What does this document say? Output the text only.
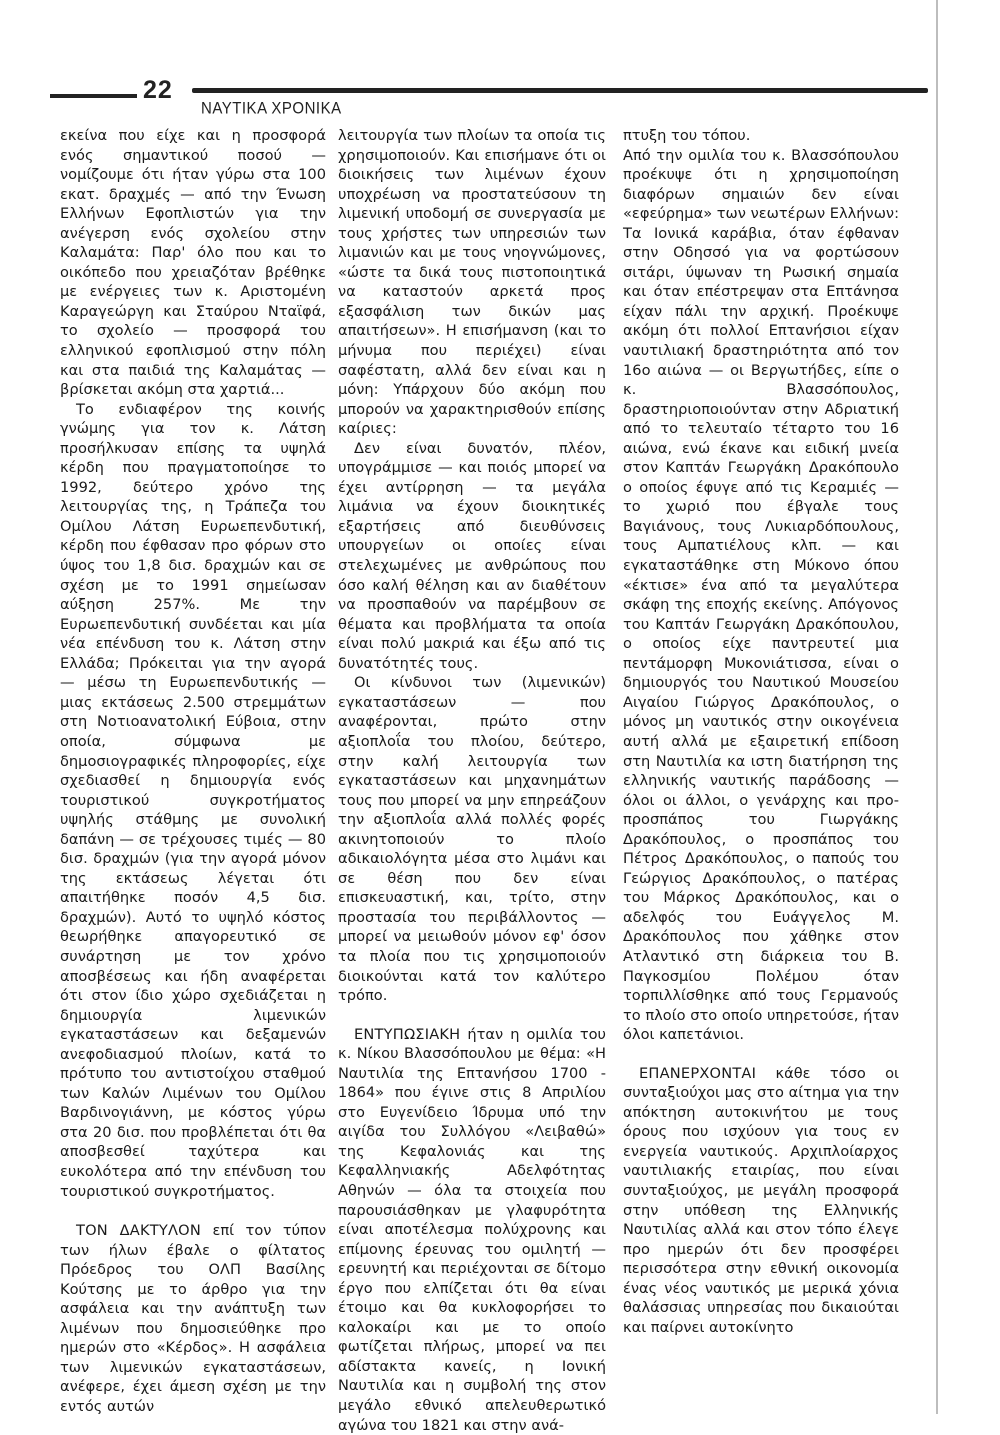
22
ΝΑΥΤΙΚΑ ΧΡΟΝΙΚΑ

εκείνα που είχε και η προσφορά ενός σημαντικού ποσού — νομίζουμε ότι ήταν γύρω στα 100 εκατ. δραχμές — από την Ένωση Ελλήνων Εφοπλιστών για την ανέγερση ενός σχολείου στην Καλαμάτα: Παρ' όλο που και το οικόπεδο που χρειαζόταν βρέθηκε με ενέργειες των κ. Αριστομένη Καραγεώργη και Σταύρου Νταϊφά, το σχολείο — προσφορά του ελληνικού εφοπλισμού στην πόλη και στα παιδιά της Καλαμάτας — βρίσκεται ακόμη στα χαρτιά...

Το ενδιαφέρον της κοινής γνώμης για τον κ. Λάτση προσήλκυσαν επίσης τα υψηλά κέρδη που πραγματοποίησε το 1992, δεύτερο χρόνο της λειτουργίας της, η Τράπεζα του Ομίλου Λάτση Ευρωεπενδυτική, κέρδη που έφθασαν προ φόρων στο ύψος του 1,8 δισ. δραχμών και σε σχέση με το 1991 σημείωσαν αύξηση 257%. Με την Ευρωεπενδυτική συνδέεται και μία νέα επένδυση του κ. Λάτση στην Ελλάδα; Πρόκειται για την αγορά — μέσω τη Ευρωεπενδυτικής — μιας εκτάσεως 2.500 στρεμμάτων στη Νοτιοανατολική Εύβοια, στην οποία, σύμφωνα με δημοσιογραφικές πληροφορίες, είχε σχεδιασθεί η δημιουργία ενός τουριστικού συγκροτήματος υψηλής στάθμης με συνολική δαπάνη — σε τρέχουσες τιμές — 80 δισ. δραχμών (για την αγορά μόνον της εκτάσεως λέγεται ότι απαιτήθηκε ποσόν 4,5 δισ. δραχμών). Αυτό το υψηλό κόστος θεωρήθηκε απαγορευτικό σε συνάρτηση με τον χρόνο αποσβέσεως και ήδη αναφέρεται ότι στον ίδιο χώρο σχεδιάζεται η δημιουργία λιμενικών εγκαταστάσεων και δεξαμενών ανεφοδιασμού πλοίων, κατά το πρότυπο του αντιστοίχου σταθμού των Καλών Λιμένων του Ομίλου Βαρδινογιάννη, με κόστος γύρω στα 20 δισ. που προβλέπεται ότι θα αποσβεσθεί ταχύτερα και ευκολότερα από την επένδυση του τουριστικού συγκροτήματος.

ΤΟΝ ΔΑΚΤΥΛΟΝ επί τον τύπον των ήλων έβαλε ο φίλτατος Πρόεδρος του ΟΛΠ Βασίλης Κούτσης με το άρθρο για την ασφάλεια και την ανάπτυξη των λιμένων που δημοσιεύθηκε προ ημερών στο «Κέρδος». Η ασφάλεια των λιμενικών εγκαταστάσεων, ανέφερε, έχει άμεση σχέση με την εντός αυτών

λειτουργία των πλοίων τα οποία τις χρησιμοποιούν. Και επισήμανε ότι οι διοικήσεις των λιμένων έχουν υποχρέωση να προστατεύσουν τη λιμενική υποδομή σε συνεργασία με τους χρήστες των υπηρεσιών των λιμανιών και με τους νηογνώμονες, «ώστε τα δικά τους πιστοποιητικά να καταστούν αρκετά προς εξασφάλιση των δικών μας απαιτήσεων». Η επισήμανση (και το μήνυμα που περιέχει) είναι σαφέστατη, αλλά δεν είναι και η μόνη: Υπάρχουν δύο ακόμη που μπορούν να χαρακτηρισθούν επίσης καίριες:

Δεν είναι δυνατόν, πλέον, υπογράμμισε — και ποιός μπορεί να έχει αντίρρηση — τα μεγάλα λιμάνια να έχουν διοικητικές εξαρτήσεις από διευθύνσεις υπουργείων οι οποίες είναι στελεχωμένες με ανθρώπους που όσο καλή θέληση και αν διαθέτουν να προσπαθούν να παρέμβουν σε θέματα και προβλήματα τα οποία είναι πολύ μακριά και έξω από τις δυνατότητές τους.

Οι κίνδυνοι των (λιμενικών) εγκαταστάσεων — που αναφέρονται, πρώτο στην αξιοπλοΐα του πλοίου, δεύτερο, στην καλή λειτουργία των εγκαταστάσεων και μηχανημάτων τους που μπορεί να μην επηρεάζουν την αξιοπλοΐα αλλά πολλές φορές ακινητοποιούν το πλοίο αδικαιολόγητα μέσα στο λιμάνι και σε θέση που δεν είναι επισκευαστική, και, τρίτο, στην προστασία του περιβάλλοντος — μπορεί να μειωθούν μόνον εφ' όσον τα πλοία που τις χρησιμοποιούν διοικούνται κατά τον καλύτερο τρόπο.

ΕΝΤΥΠΩΣΙΑΚΗ ήταν η ομιλία του κ. Νίκου Βλασσόπουλου με θέμα: «Η Ναυτιλία της Επτανήσου 1700 - 1864» που έγινε στις 8 Απριλίου στο Ευγενίδειο Ίδρυμα υπό την αιγίδα του Συλλόγου «Λειβαθώ» της Κεφαλονιάς και της Κεφαλληνιακής Αδελφότητας Αθηνών — όλα τα στοιχεία που παρουσιάσθηκαν με γλαφυρότητα είναι αποτέλεσμα πολύχρονης και επίμονης έρευνας του ομιλητή — ερευνητή και περιέχονται σε δίτομο έργο που ελπίζεται ότι θα είναι έτοιμο και θα κυκλοφορήσει το καλοκαίρι και με το οποίο φωτίζεται πλήρως, μπορεί να πει αδίστακτα κανείς, η Ιονική Ναυτιλία και η συμβολή της στον μεγάλο εθνικό απελευθερωτικό αγώνα του 1821 και στην ανά-

πτυξη του τόπου.

Από την ομιλία του κ. Βλασσόπουλου προέκυψε ότι η χρησιμοποίηση διαφόρων σημαιών δεν είναι «εφεύρημα» των νεωτέρων Ελλήνων: Τα Ιονικά καράβια, όταν έφθαναν στην Οδησσό για να φορτώσουν σιτάρι, ύψωναν τη Ρωσική σημαία και όταν επέστρεψαν στα Επτάνησα είχαν πάλι την αρχική. Προέκυψε ακόμη ότι πολλοί Επτανήσιοι είχαν ναυτιλιακή δραστηριότητα από τον 16ο αιώνα — οι Βεργωτήδες, είπε ο κ. Βλασσόπουλος, δραστηριοποιούνταν στην Αδριατική από το τελευταίο τέταρτο του 16 αιώνα, ενώ έκανε και ειδική μνεία στον Καπτάν Γεωργάκη Δρακόπουλο ο οποίος έφυγε από τις Κεραμιές — το χωριό που έβγαλε τους Βαγιάνους, τους Λυκιαρδόπουλους, τους Αμπατιέλους κλπ. — και εγκαταστάθηκε στη Μύκονο όπου «έκτισε» ένα από τα μεγαλύτερα σκάφη της εποχής εκείνης. Απόγονος του Καπτάν Γεωργάκη Δρακόπουλου, ο οποίος είχε παντρευτεί μια πεντάμορφη Μυκονιάτισσα, είναι ο δημιουργός του Ναυτικού Μουσείου Αιγαίου Γιώργος Δρακόπουλος, ο μόνος μη ναυτικός στην οικογένεια αυτή αλλά με εξαιρετική επίδοση στη Ναυτιλία κα ιστη διατήρηση της ελληνικής ναυτικής παράδοσης — όλοι οι άλλοι, ο γενάρχης και προ-προσπάπος του Γιωργάκης Δρακόπουλος, ο προσπάπος του Πέτρος Δρακόπουλος, ο παπούς του Γεώργιος Δρακόπουλος, ο πατέρας του Μάρκος Δρακόπουλος, και ο αδελφός του Ευάγγελος Μ. Δρακόπουλος που χάθηκε στον Ατλαντικό στη διάρκεια του Β. Παγκοσμίου Πολέμου όταν τορπιλλίσθηκε από τους Γερμανούς το πλοίο στο οποίο υπηρετούσε, ήταν όλοι καπετάνιοι.

ΕΠΑΝΕΡΧΟΝΤΑΙ κάθε τόσο οι συνταξιούχοι μας στο αίτημα για την απόκτηση αυτοκινήτου με τους όρους που ισχύουν για τους εν ενεργεία ναυτικούς. Αρχιπλοίαρχος ναυτιλιακής εταιρίας, που είναι συνταξιούχος, με μεγάλη προσφορά στην υπόθεση της Ελληνικής Ναυτιλίας αλλά και στον τόπο έλεγε προ ημερών ότι δεν προσφέρει περισσότερα στην εθνική οικονομία ένας νέος ναυτικός με μερικά χόνια θαλάσσιας υπηρεσίας που δικαιούται και παίρνει αυτοκίνητο
